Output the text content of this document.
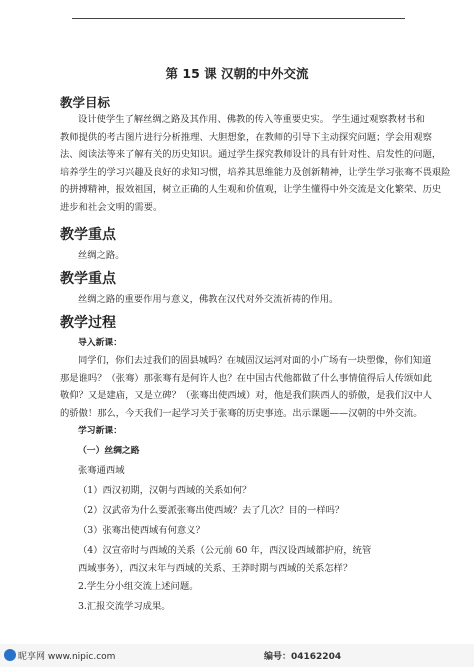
第 15 课 汉朝的中外交流
教学目标
设计使学生了解丝绸之路及其作用、佛教的传入等重要史实。 学生通过观察教材书和
教师提供的考古图片进行分析推理、大胆想象，在教师的引导下主动探究问题；学会用观察
法、阅读法等来了解有关的历史知识。通过学生探究教师设计的具有针对性、启发性的问题，
培养学生的学习兴趣及良好的求知习惯，培养其思维能力及创新精神，让学生学习张骞不畏艰险
的拼搏精神，报效祖国，树立正确的人生观和价值观，让学生懂得中外交流是文化繁荣、历史
进步和社会文明的需要。
教学重点
丝绸之路。
教学重点
丝绸之路的重要作用与意义，佛教在汉代对外交流祈祷的作用。
教学过程
导入新课：
同学们，你们去过我们的固县城吗？在城固汉运河对面的小广场有一块塑像，你们知道
那是谁吗？（张骞）那张骞有是何许人也？在中国古代他都做了什么事情值得后人传颂如此
敬仰？又是建庙，又是立碑？（张骞出使西域）对，他是我们陕西人的骄傲，是我们汉中人
的骄傲！那么，今天我们一起学习关于张骞的历史事迹。出示课题——汉朝的中外交流。
学习新课：
（一）丝绸之路
张骞通西域
（1）西汉初期，汉朝与西域的关系如何？
（2）汉武帝为什么要派张骞出使西域？去了几次？目的一样吗？
（3）张骞出使西域有何意义？
（4）汉宣帝时与西域的关系（公元前 60 年，西汉设西域都护府，统管
西域事务），西汉末年与西域的关系、王莽时期与西域的关系怎样？
2.学生分小组交流上述问题。
3.汇报交流学习成果。
昵享网 www.nipic.com	编号：04162204
